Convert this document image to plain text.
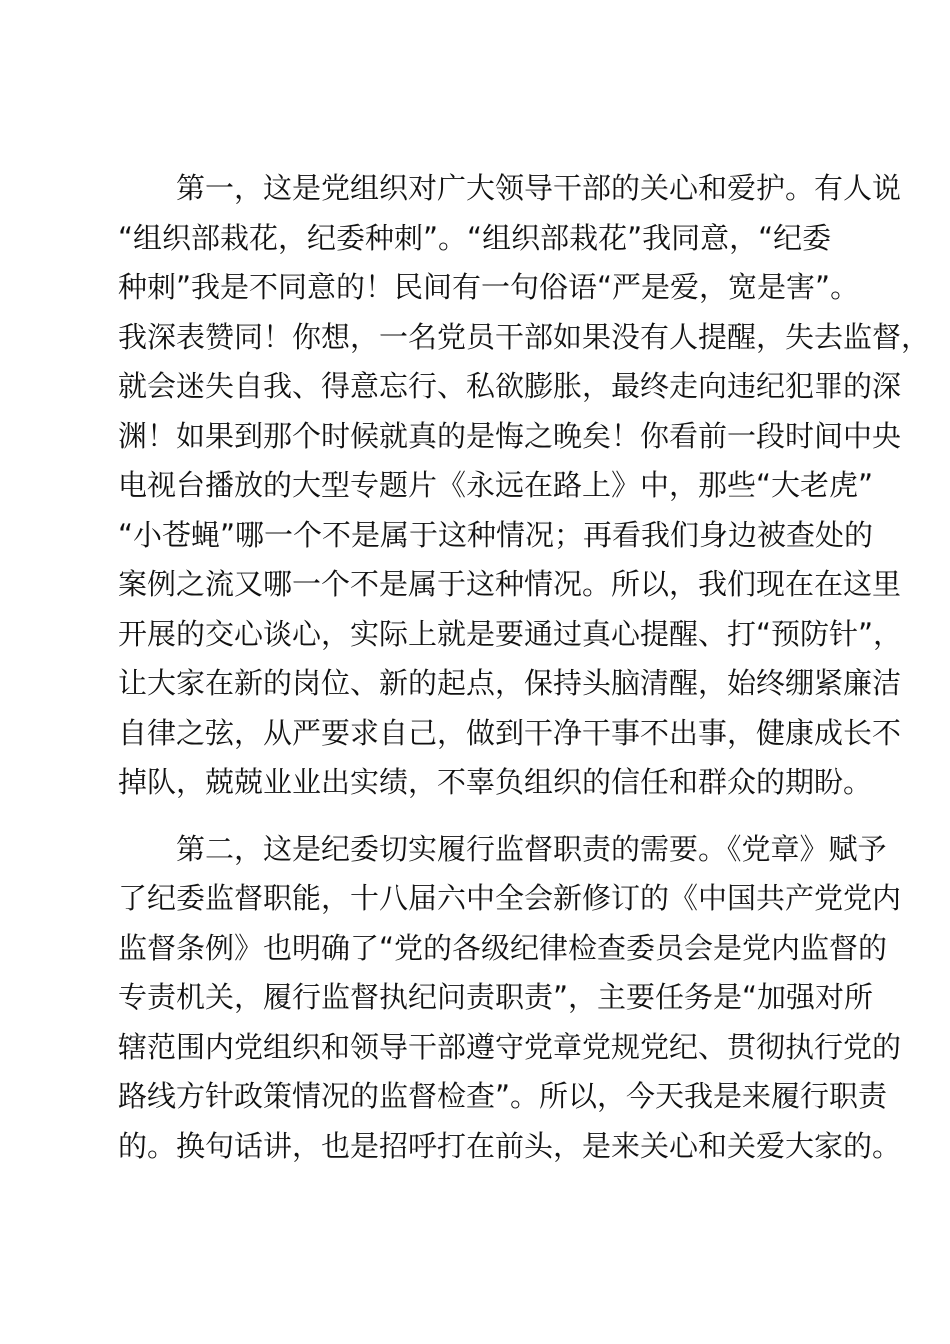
　　第一，这是党组织对广大领导干部的关心和爱护。有人说
“组织部栽花，纪委种刺”。“组织部栽花”我同意，“纪委
种刺”我是不同意的！民间有一句俗语“严是爱，宽是害”。
我深表赞同！你想，一名党员干部如果没有人提醒，失去监督，
就会迷失自我、得意忘行、私欲膨胀，最终走向违纪犯罪的深
渊！如果到那个时候就真的是悔之晚矣！你看前一段时间中央
电视台播放的大型专题片《永远在路上》中，那些“大老虎”
“小苍蝇”哪一个不是属于这种情况；再看我们身边被查处的
案例之流又哪一个不是属于这种情况。所以，我们现在在这里
开展的交心谈心，实际上就是要通过真心提醒、打“预防针”，
让大家在新的岗位、新的起点，保持头脑清醒，始终绷紧廉洁
自律之弦，从严要求自己，做到干净干事不出事，健康成长不
掉队，兢兢业业出实绩，不辜负组织的信任和群众的期盼。

　　第二，这是纪委切实履行监督职责的需要。《党章》赋予
了纪委监督职能，十八届六中全会新修订的《中国共产党党内
监督条例》也明确了“党的各级纪律检查委员会是党内监督的
专责机关，履行监督执纪问责职责”，主要任务是“加强对所
辖范围内党组织和领导干部遵守党章党规党纪、贯彻执行党的
路线方针政策情况的监督检查”。所以，今天我是来履行职责
的。换句话讲，也是招呼打在前头，是来关心和关爱大家的。
